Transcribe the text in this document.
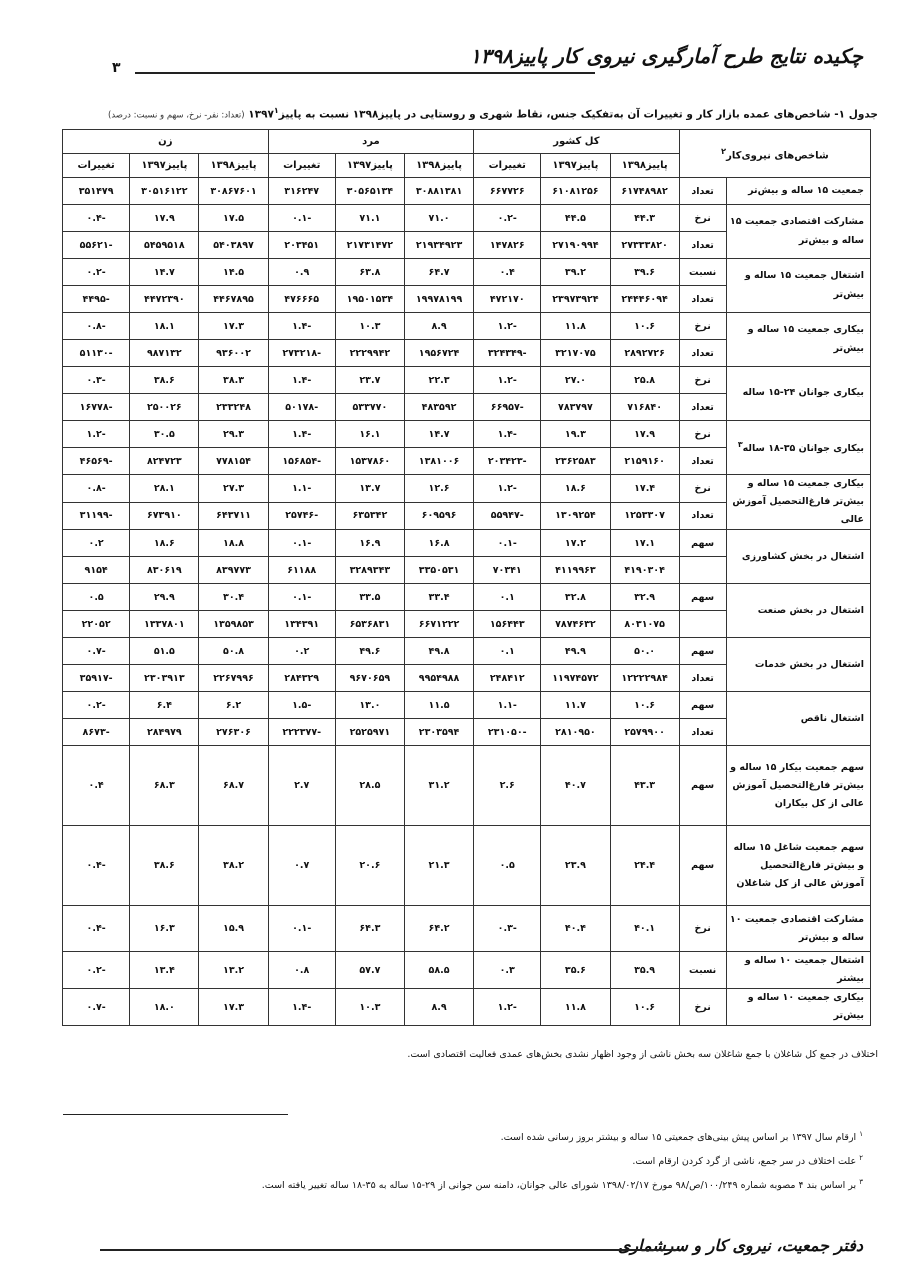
چکیده نتایج طرح آمارگیری نیروی کار پاییز۱۳۹۸
۳
جدول ۱- شاخص‌های عمده بازار کار و تغییرات آن به‌تفکیک جنس، نقاط شهری و روستایی در پاییز۱۳۹۸ نسبت به پاییز۱۳۹۷$^۱$ (تعداد: نفر- نرخ، سهم و نسبت: درصد)
شاخص‌های نیروی‌کار$^۲$		کل کشور			مرد			زن		
		پاییز۱۳۹۸	پاییز۱۳۹۷	تغییرات	پاییز۱۳۹۸	پاییز۱۳۹۷	تغییرات	پاییز۱۳۹۸	پاییز۱۳۹۷	تغییرات
جمعیت ۱۵ ساله و بیش‌تر	تعداد	۶۱۷۴۸۹۸۲	۶۱۰۸۱۲۵۶	۶۶۷۷۲۶	۳۰۸۸۱۳۸۱	۳۰۵۶۵۱۳۴	۳۱۶۲۴۷	۳۰۸۶۷۶۰۱	۳۰۵۱۶۱۲۲	۳۵۱۴۷۹
مشارکت اقتصادی جمعیت ۱۵ ساله و بیش‌تر	نرخ	۴۴.۳	۴۴.۵	-۰.۲	۷۱.۰	۷۱.۱	-۰.۱	۱۷.۵	۱۷.۹	-۰.۴
	تعداد	۲۷۳۳۳۸۲۰	۲۷۱۹۰۹۹۴	۱۴۷۸۲۶	۲۱۹۳۴۹۲۳	۲۱۷۳۱۴۷۲	۲۰۳۴۵۱	۵۴۰۳۸۹۷	۵۴۵۹۵۱۸	-۵۵۶۲۱
اشتغال جمعیت ۱۵ ساله و بیش‌تر	نسبت	۳۹.۶	۳۹.۲	۰.۴	۶۴.۷	۶۳.۸	۰.۹	۱۴.۵	۱۴.۷	-۰.۲
	تعداد	۲۴۴۴۶۰۹۴	۲۳۹۷۳۹۲۴	۴۷۲۱۷۰	۱۹۹۷۸۱۹۹	۱۹۵۰۱۵۳۴	۴۷۶۶۶۵	۴۴۶۷۸۹۵	۴۴۷۲۳۹۰	-۴۴۹۵
بیکاری جمعیت ۱۵ ساله و بیش‌تر	نرخ	۱۰.۶	۱۱.۸	-۱.۲	۸.۹	۱۰.۳	-۱.۴	۱۷.۳	۱۸.۱	-۰.۸
	تعداد	۲۸۹۲۷۲۶	۳۲۱۷۰۷۵	-۳۲۴۳۴۹	۱۹۵۶۷۲۴	۲۲۲۹۹۴۲	-۲۷۳۲۱۸	۹۳۶۰۰۲	۹۸۷۱۳۲	-۵۱۱۳۰
بیکاری جوانان ۲۴-۱۵ ساله	نرخ	۲۵.۸	۲۷.۰	-۱.۲	۲۲.۳	۲۳.۷	-۱.۴	۳۸.۳	۳۸.۶	-۰.۳
	تعداد	۷۱۶۸۴۰	۷۸۳۷۹۷	-۶۶۹۵۷	۴۸۳۵۹۲	۵۳۳۷۷۰	-۵۰۱۷۸	۲۳۳۲۴۸	۲۵۰۰۲۶	-۱۶۷۷۸
بیکاری جوانان ۳۵-۱۸ ساله$^۳$	نرخ	۱۷.۹	۱۹.۳	-۱.۴	۱۴.۷	۱۶.۱	-۱.۴	۲۹.۳	۳۰.۵	-۱.۲
	تعداد	۲۱۵۹۱۶۰	۲۳۶۲۵۸۳	-۲۰۳۴۲۳	۱۳۸۱۰۰۶	۱۵۳۷۸۶۰	-۱۵۶۸۵۴	۷۷۸۱۵۴	۸۲۴۷۲۳	-۴۶۵۶۹
بیکاری جمعیت ۱۵ ساله و بیش‌تر فارغ‌التحصیل آموزش عالی	نرخ	۱۷.۴	۱۸.۶	-۱.۲	۱۲.۶	۱۳.۷	-۱.۱	۲۷.۳	۲۸.۱	-۰.۸
	تعداد	۱۲۵۳۳۰۷	۱۳۰۹۲۵۴	-۵۵۹۴۷	۶۰۹۵۹۶	۶۳۵۳۴۲	-۲۵۷۴۶	۶۴۳۷۱۱	۶۷۳۹۱۰	-۳۱۱۹۹
اشتغال در بخش کشاورزی	سهم	۱۷.۱	۱۷.۲	-۰.۱	۱۶.۸	۱۶.۹	-۰.۱	۱۸.۸	۱۸.۶	۰.۲
		۴۱۹۰۳۰۴	۴۱۱۹۹۶۳	۷۰۳۴۱	۳۳۵۰۵۳۱	۳۲۸۹۳۴۳	۶۱۱۸۸	۸۳۹۷۷۳	۸۳۰۶۱۹	۹۱۵۴
اشتغال در بخش صنعت	سهم	۳۲.۹	۳۲.۸	۰.۱	۳۳.۴	۳۳.۵	-۰.۱	۳۰.۴	۲۹.۹	۰.۵
		۸۰۳۱۰۷۵	۷۸۷۴۶۳۲	۱۵۶۴۴۳	۶۶۷۱۲۲۲	۶۵۳۶۸۳۱	۱۳۴۳۹۱	۱۳۵۹۸۵۳	۱۳۳۷۸۰۱	۲۲۰۵۲
اشتغال در بخش خدمات	سهم	۵۰.۰	۴۹.۹	۰.۱	۴۹.۸	۴۹.۶	۰.۲	۵۰.۸	۵۱.۵	-۰.۷
	تعداد	۱۲۲۲۲۹۸۴	۱۱۹۷۴۵۷۲	۲۴۸۴۱۲	۹۹۵۴۹۸۸	۹۶۷۰۶۵۹	۲۸۴۳۲۹	۲۲۶۷۹۹۶	۲۳۰۳۹۱۳	-۳۵۹۱۷
اشتغال ناقص	سهم	۱۰.۶	۱۱.۷	-۱.۱	۱۱.۵	۱۳.۰	-۱.۵	۶.۲	۶.۴	-۰.۲
	تعداد	۲۵۷۹۹۰۰	۲۸۱۰۹۵۰	-۲۳۱۰۵۰	۲۳۰۳۵۹۴	۲۵۲۵۹۷۱	-۲۲۲۳۷۷	۲۷۶۳۰۶	۲۸۴۹۷۹	-۸۶۷۳
سهم جمعیت بیکار ۱۵ ساله و بیش‌تر فارغ‌التحصیل آموزش عالی از کل بیکاران	سهم	۴۳.۳	۴۰.۷	۲.۶	۳۱.۲	۲۸.۵	۲.۷	۶۸.۷	۶۸.۳	۰.۴
سهم جمعیت شاغل ۱۵ ساله و بیش‌تر فارغ‌التحصیل آموزش عالی از کل شاغلان	سهم	۲۴.۴	۲۳.۹	۰.۵	۲۱.۳	۲۰.۶	۰.۷	۳۸.۲	۳۸.۶	-۰.۴
مشارکت اقتصادی جمعیت ۱۰ ساله و بیش‌تر	نرخ	۴۰.۱	۴۰.۴	-۰.۳	۶۴.۲	۶۴.۳	-۰.۱	۱۵.۹	۱۶.۳	-۰.۴
اشتغال جمعیت ۱۰ ساله و بیشتر	نسبت	۳۵.۹	۳۵.۶	۰.۳	۵۸.۵	۵۷.۷	۰.۸	۱۳.۲	۱۳.۴	-۰.۲
بیکاری جمعیت ۱۰ ساله و بیش‌تر	نرخ	۱۰.۶	۱۱.۸	-۱.۲	۸.۹	۱۰.۳	-۱.۴	۱۷.۳	۱۸.۰	-۰.۷
اختلاف در جمع کل شاغلان با جمع شاغلان سه بخش ناشی از وجود اظهار نشدی بخش‌های عمدی فعالیت اقتصادی است.
$^۱$ ارقام سال ۱۳۹۷ بر اساس پیش بینی‌های جمعیتی ۱۵ ساله و بیشتر بروز رسانی شده است.
$^۲$ علت اختلاف در سر جمع، ناشی از گرد کردن ارقام است.
$^۳$ بر اساس بند ۴ مصوبه شماره ۱۰۰/۲۴۹/ص/۹۸ مورخ ۱۳۹۸/۰۲/۱۷ شورای عالی جوانان، دامنه سن جوانی از ۲۹-۱۵ ساله به ۳۵-۱۸ ساله تغییر یافته است.
دفتر جمعیت، نیروی کار و سرشماری
